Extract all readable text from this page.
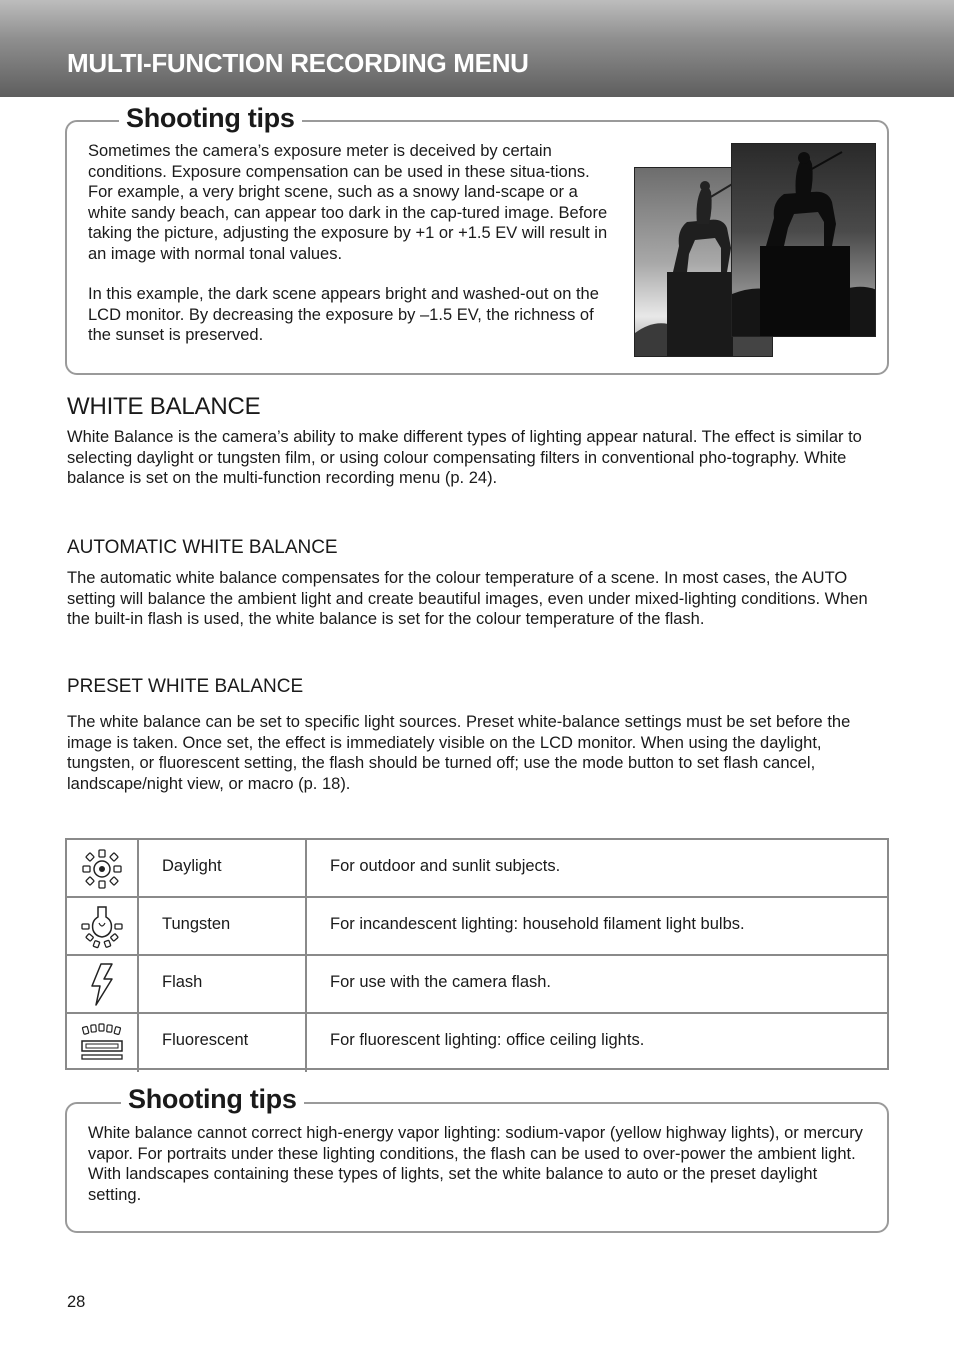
MULTI-FUNCTION RECORDING MENU
Shooting tips
Sometimes the camera’s exposure meter is deceived by certain conditions. Exposure compensation can be used in these situa-tions. For example, a very bright scene, such as a snowy land-scape or a white sandy beach, can appear too dark in the cap-tured image. Before taking the picture, adjusting the exposure by +1 or +1.5 EV will result in an image with normal tonal values.
In this example, the dark scene appears bright and washed-out on the LCD monitor. By decreasing the exposure by –1.5 EV, the richness of the sunset is preserved.
WHITE BALANCE
White Balance is the camera’s ability to make different types of lighting appear natural. The effect is similar to selecting daylight or tungsten film, or using colour compensating filters in conventional pho-tography. White balance is set on the multi-function recording menu (p. 24).
AUTOMATIC WHITE BALANCE
The automatic white balance compensates for the colour temperature of a scene. In most cases, the AUTO setting will balance the ambient light and create beautiful images, even under mixed-lighting conditions. When the built-in flash is used, the white balance is set for the colour temperature of the flash.
PRESET WHITE BALANCE
The white balance can be set to specific light sources. Preset white-balance settings must be set before the image is taken. Once set, the effect is immediately visible on the LCD monitor. When using the daylight, tungsten, or fluorescent setting, the flash should be turned off; use the mode button to set flash cancel, landscape/night view, or macro (p. 18).
Daylight	For outdoor and sunlit subjects.
Tungsten	For incandescent lighting: household filament light bulbs.
Flash	For use with the camera flash.
Fluorescent	For fluorescent lighting: office ceiling lights.
Shooting tips
White balance cannot correct high-energy vapor lighting: sodium-vapor (yellow highway lights), or mercury vapor. For portraits under these lighting conditions, the flash can be used to over-power the ambient light. With landscapes containing these types of lights, set the white balance to auto or the preset daylight setting.
28
